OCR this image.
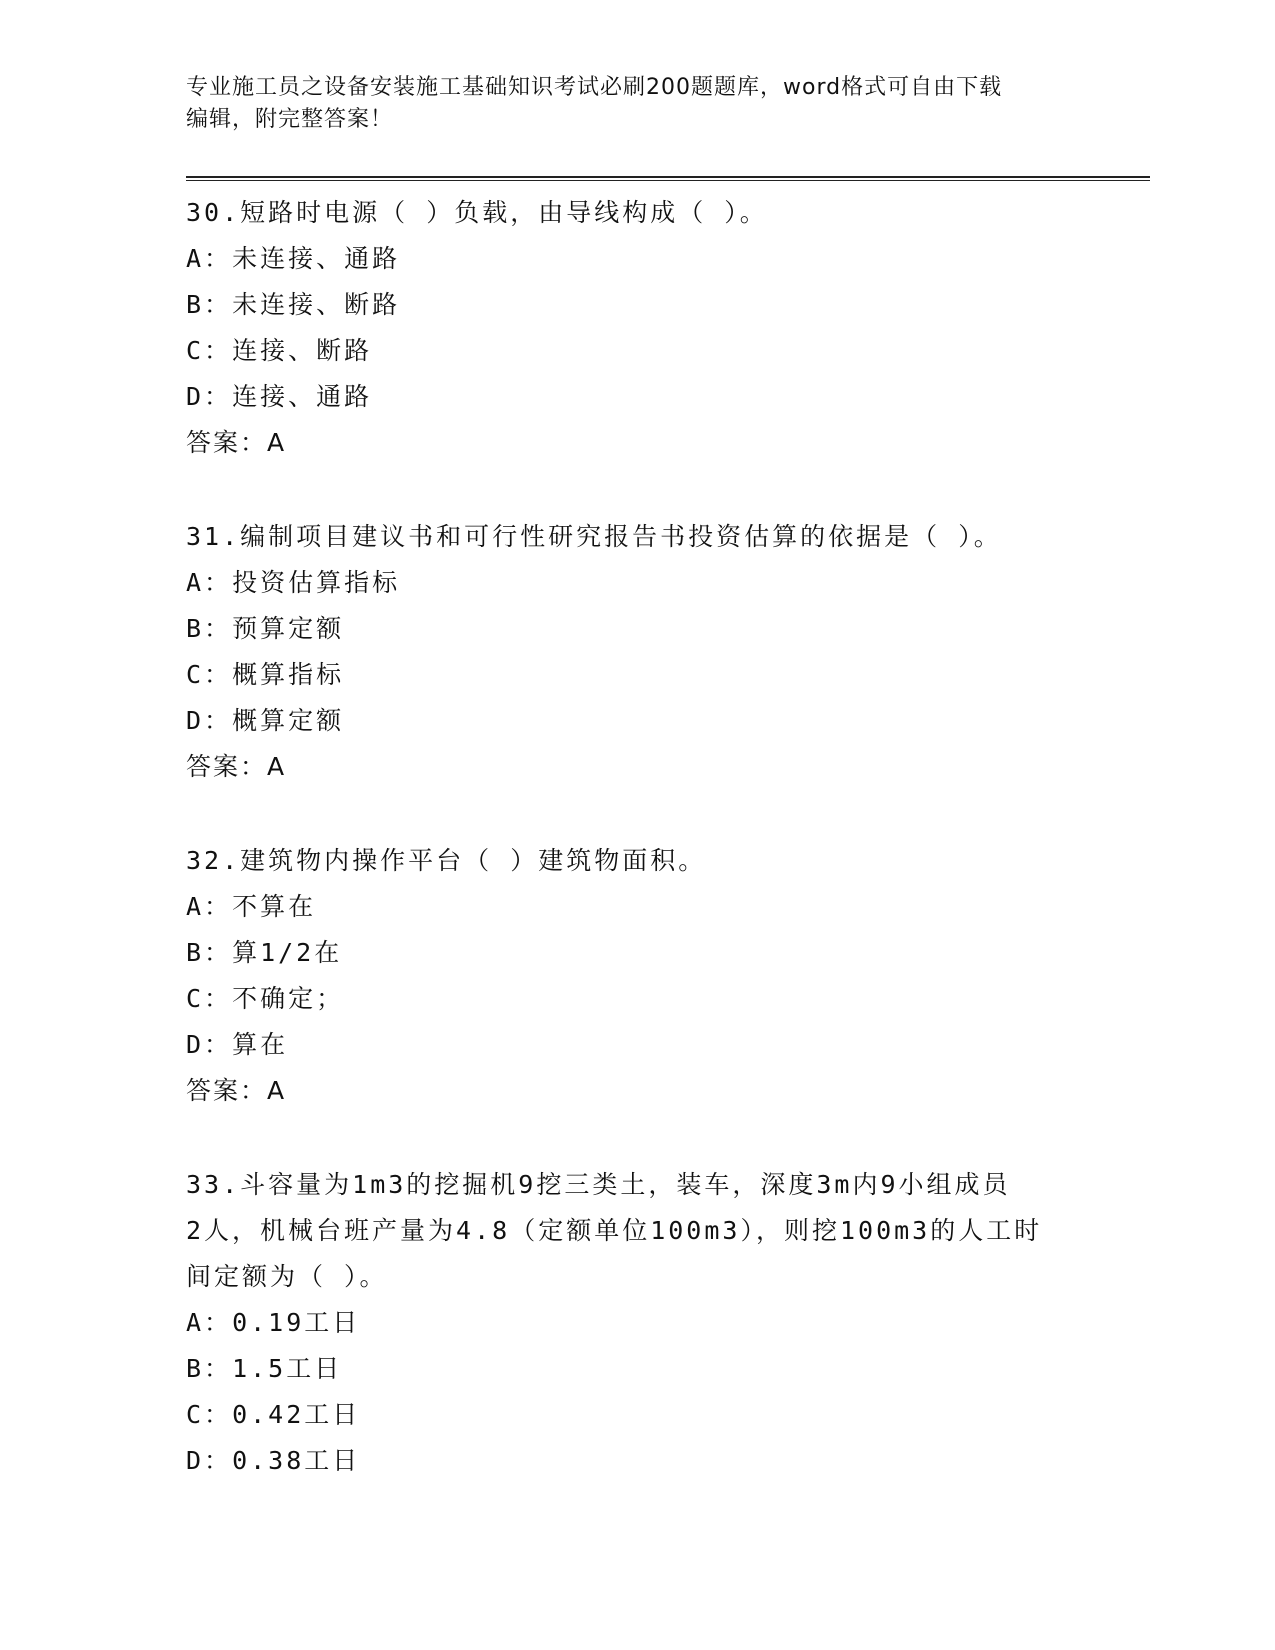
专业施工员之设备安装施工基础知识考试必刷200题题库，word格式可自由下载
编辑，附完整答案！
30.短路时电源（ ）负载，由导线构成（ ）。
A： 未连接、通路
B： 未连接、断路
C： 连接、断路
D： 连接、通路
答案：A
31.编制项目建议书和可行性研究报告书投资估算的依据是（ ）。
A： 投资估算指标
B： 预算定额
C： 概算指标
D： 概算定额
答案：A
32.建筑物内操作平台（ ）建筑物面积。
A： 不算在
B： 算1/2在
C： 不确定；
D： 算在
答案：A
33.斗容量为1m3的挖掘机9挖三类土，装车，深度3m内9小组成员
2人，机械台班产量为4.8（定额单位100m3），则挖100m3的人工时
间定额为（ ）。
A： 0.19工日
B： 1.5工日
C： 0.42工日
D： 0.38工日
